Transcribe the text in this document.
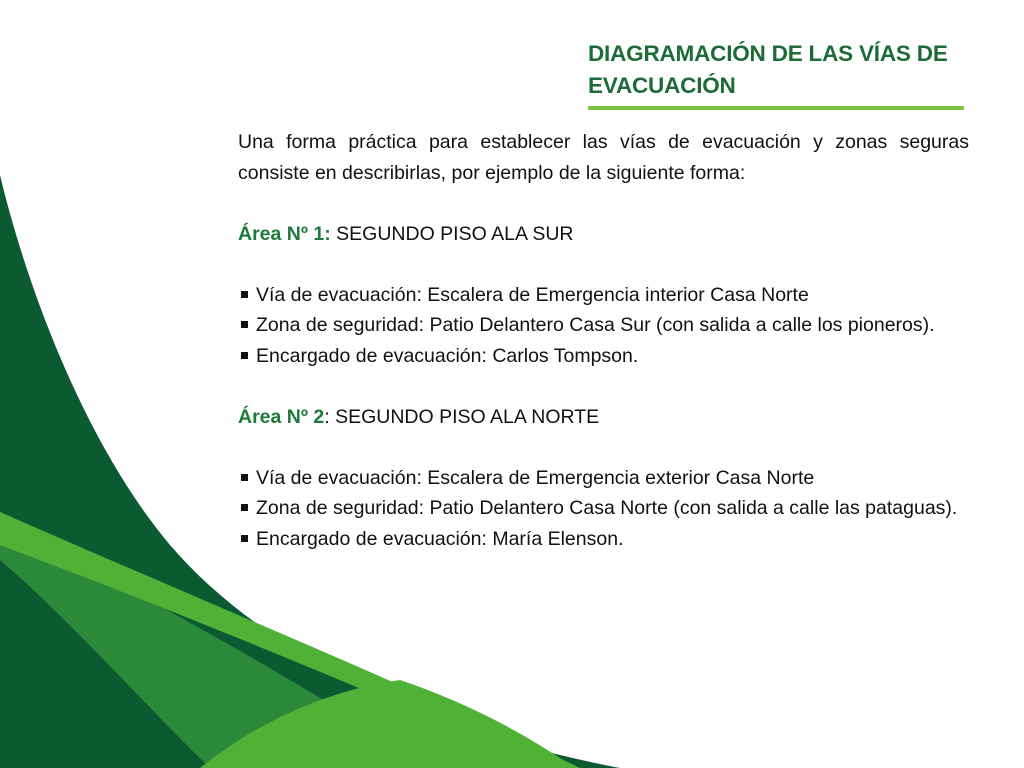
DIAGRAMACIÓN DE LAS VÍAS DE EVACUACIÓN

Una forma práctica para establecer las vías de evacuación y zonas seguras consiste en describirlas, por ejemplo de la siguiente forma:

Área Nº 1: SEGUNDO PISO ALA SUR

Vía de evacuación: Escalera de Emergencia interior Casa Norte

Zona de seguridad: Patio Delantero Casa Sur (con salida a calle los pioneros).

Encargado de evacuación: Carlos Tompson.

Área Nº 2: SEGUNDO PISO ALA NORTE

Vía de evacuación: Escalera de Emergencia exterior Casa Norte

Zona de seguridad: Patio Delantero Casa Norte (con salida a calle las pataguas).

Encargado de evacuación: María Elenson.
